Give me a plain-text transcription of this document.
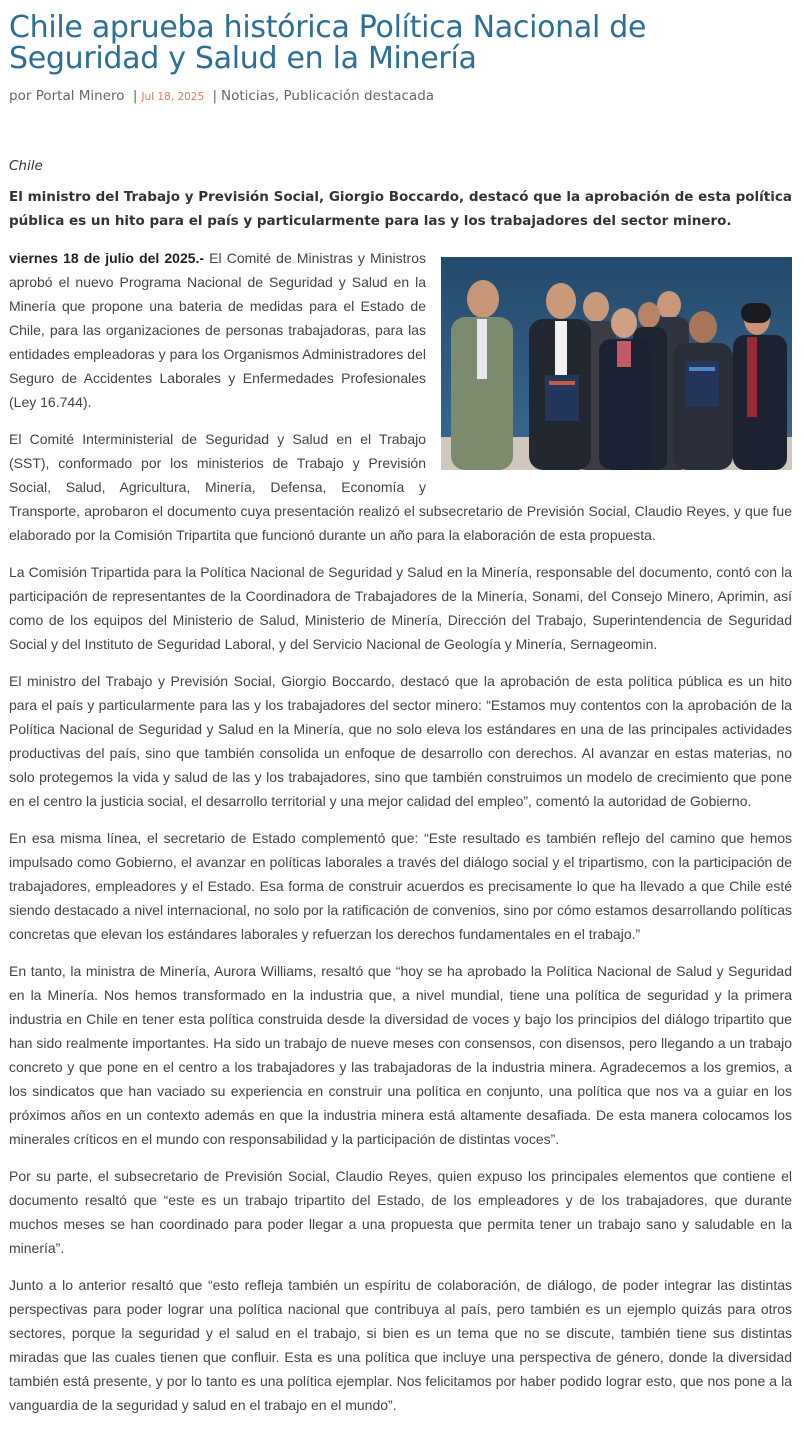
Chile aprueba histórica Política Nacional de Seguridad y Salud en la Minería
por Portal Minero | Jul 18, 2025 | Noticias, Publicación destacada
Chile
El ministro del Trabajo y Previsión Social, Giorgio Boccardo, destacó que la aprobación de esta política pública es un hito para el país y particularmente para las y los trabajadores del sector minero.

viernes 18 de julio del 2025.- El Comité de Ministras y Ministros aprobó el nuevo Programa Nacional de Seguridad y Salud en la Minería que propone una bateria de medidas para el Estado de Chile, para las organizaciones de personas trabajadoras, para las entidades empleadoras y para los Organismos Administradores del Seguro de Accidentes Laborales y Enfermedades Profesionales (Ley 16.744).

El Comité Interministerial de Seguridad y Salud en el Trabajo (SST), conformado por los ministerios de Trabajo y Previsión Social, Salud, Agricultura, Minería, Defensa, Economía y Transporte, aprobaron el documento cuya presentación realizó el subsecretario de Previsión Social, Claudio Reyes, y que fue elaborado por la Comisión Tripartita que funcionó durante un año para la elaboración de esta propuesta.

La Comisión Tripartida para la Política Nacional de Seguridad y Salud en la Minería, responsable del documento, contó con la participación de representantes de la Coordinadora de Trabajadores de la Minería, Sonami, del Consejo Minero, Aprimin, así como de los equipos del Ministerio de Salud, Ministerio de Minería, Dirección del Trabajo, Superintendencia de Seguridad Social y del Instituto de Seguridad Laboral, y del Servicio Nacional de Geología y Minería, Sernageomin.

El ministro del Trabajo y Previsión Social, Giorgio Boccardo, destacó que la aprobación de esta política pública es un hito para el país y particularmente para las y los trabajadores del sector minero: “Estamos muy contentos con la aprobación de la Política Nacional de Seguridad y Salud en la Minería, que no solo eleva los estándares en una de las principales actividades productivas del país, sino que también consolida un enfoque de desarrollo con derechos. Al avanzar en estas materias, no solo protegemos la vida y salud de las y los trabajadores, sino que también construimos un modelo de crecimiento que pone en el centro la justicia social, el desarrollo territorial y una mejor calidad del empleo”, comentó la autoridad de Gobierno.

En esa misma línea, el secretario de Estado complementó que: “Este resultado es también reflejo del camino que hemos impulsado como Gobierno, el avanzar en políticas laborales a través del diálogo social y el tripartismo, con la participación de trabajadores, empleadores y el Estado. Esa forma de construir acuerdos es precisamente lo que ha llevado a que Chile esté siendo destacado a nivel internacional, no solo por la ratificación de convenios, sino por cómo estamos desarrollando políticas concretas que elevan los estándares laborales y refuerzan los derechos fundamentales en el trabajo.”

En tanto, la ministra de Minería, Aurora Williams, resaltó que “hoy se ha aprobado la Política Nacional de Salud y Seguridad en la Minería. Nos hemos transformado en la industria que, a nivel mundial, tiene una política de seguridad y la primera industria en Chile en tener esta política construida desde la diversidad de voces y bajo los principios del diálogo tripartito que han sido realmente importantes. Ha sido un trabajo de nueve meses con consensos, con disensos, pero llegando a un trabajo concreto y que pone en el centro a los trabajadores y las trabajadoras de la industria minera. Agradecemos a los gremios, a los sindicatos que han vaciado su experiencia en construir una política en conjunto, una política que nos va a guiar en los próximos años en un contexto además en que la industria minera está altamente desafiada. De esta manera colocamos los minerales críticos en el mundo con responsabilidad y la participación de distintas voces”.

Por su parte, el subsecretario de Previsión Social, Claudio Reyes, quien expuso los principales elementos que contiene el documento resaltó que “este es un trabajo tripartito del Estado, de los empleadores y de los trabajadores, que durante muchos meses se han coordinado para poder llegar a una propuesta que permita tener un trabajo sano y saludable en la minería”.

Junto a lo anterior resaltó que “esto refleja también un espíritu de colaboración, de diálogo, de poder integrar las distintas perspectivas para poder lograr una política nacional que contribuya al país, pero también es un ejemplo quizás para otros sectores, porque la seguridad y el salud en el trabajo, si bien es un tema que no se discute, también tiene sus distintas miradas que las cuales tienen que confluir. Esta es una política que incluye una perspectiva de género, donde la diversidad también está presente, y por lo tanto es una política ejemplar. Nos felicitamos por haber podido lograr esto, que nos pone a la vanguardia de la seguridad y salud en el trabajo en el mundo”.
